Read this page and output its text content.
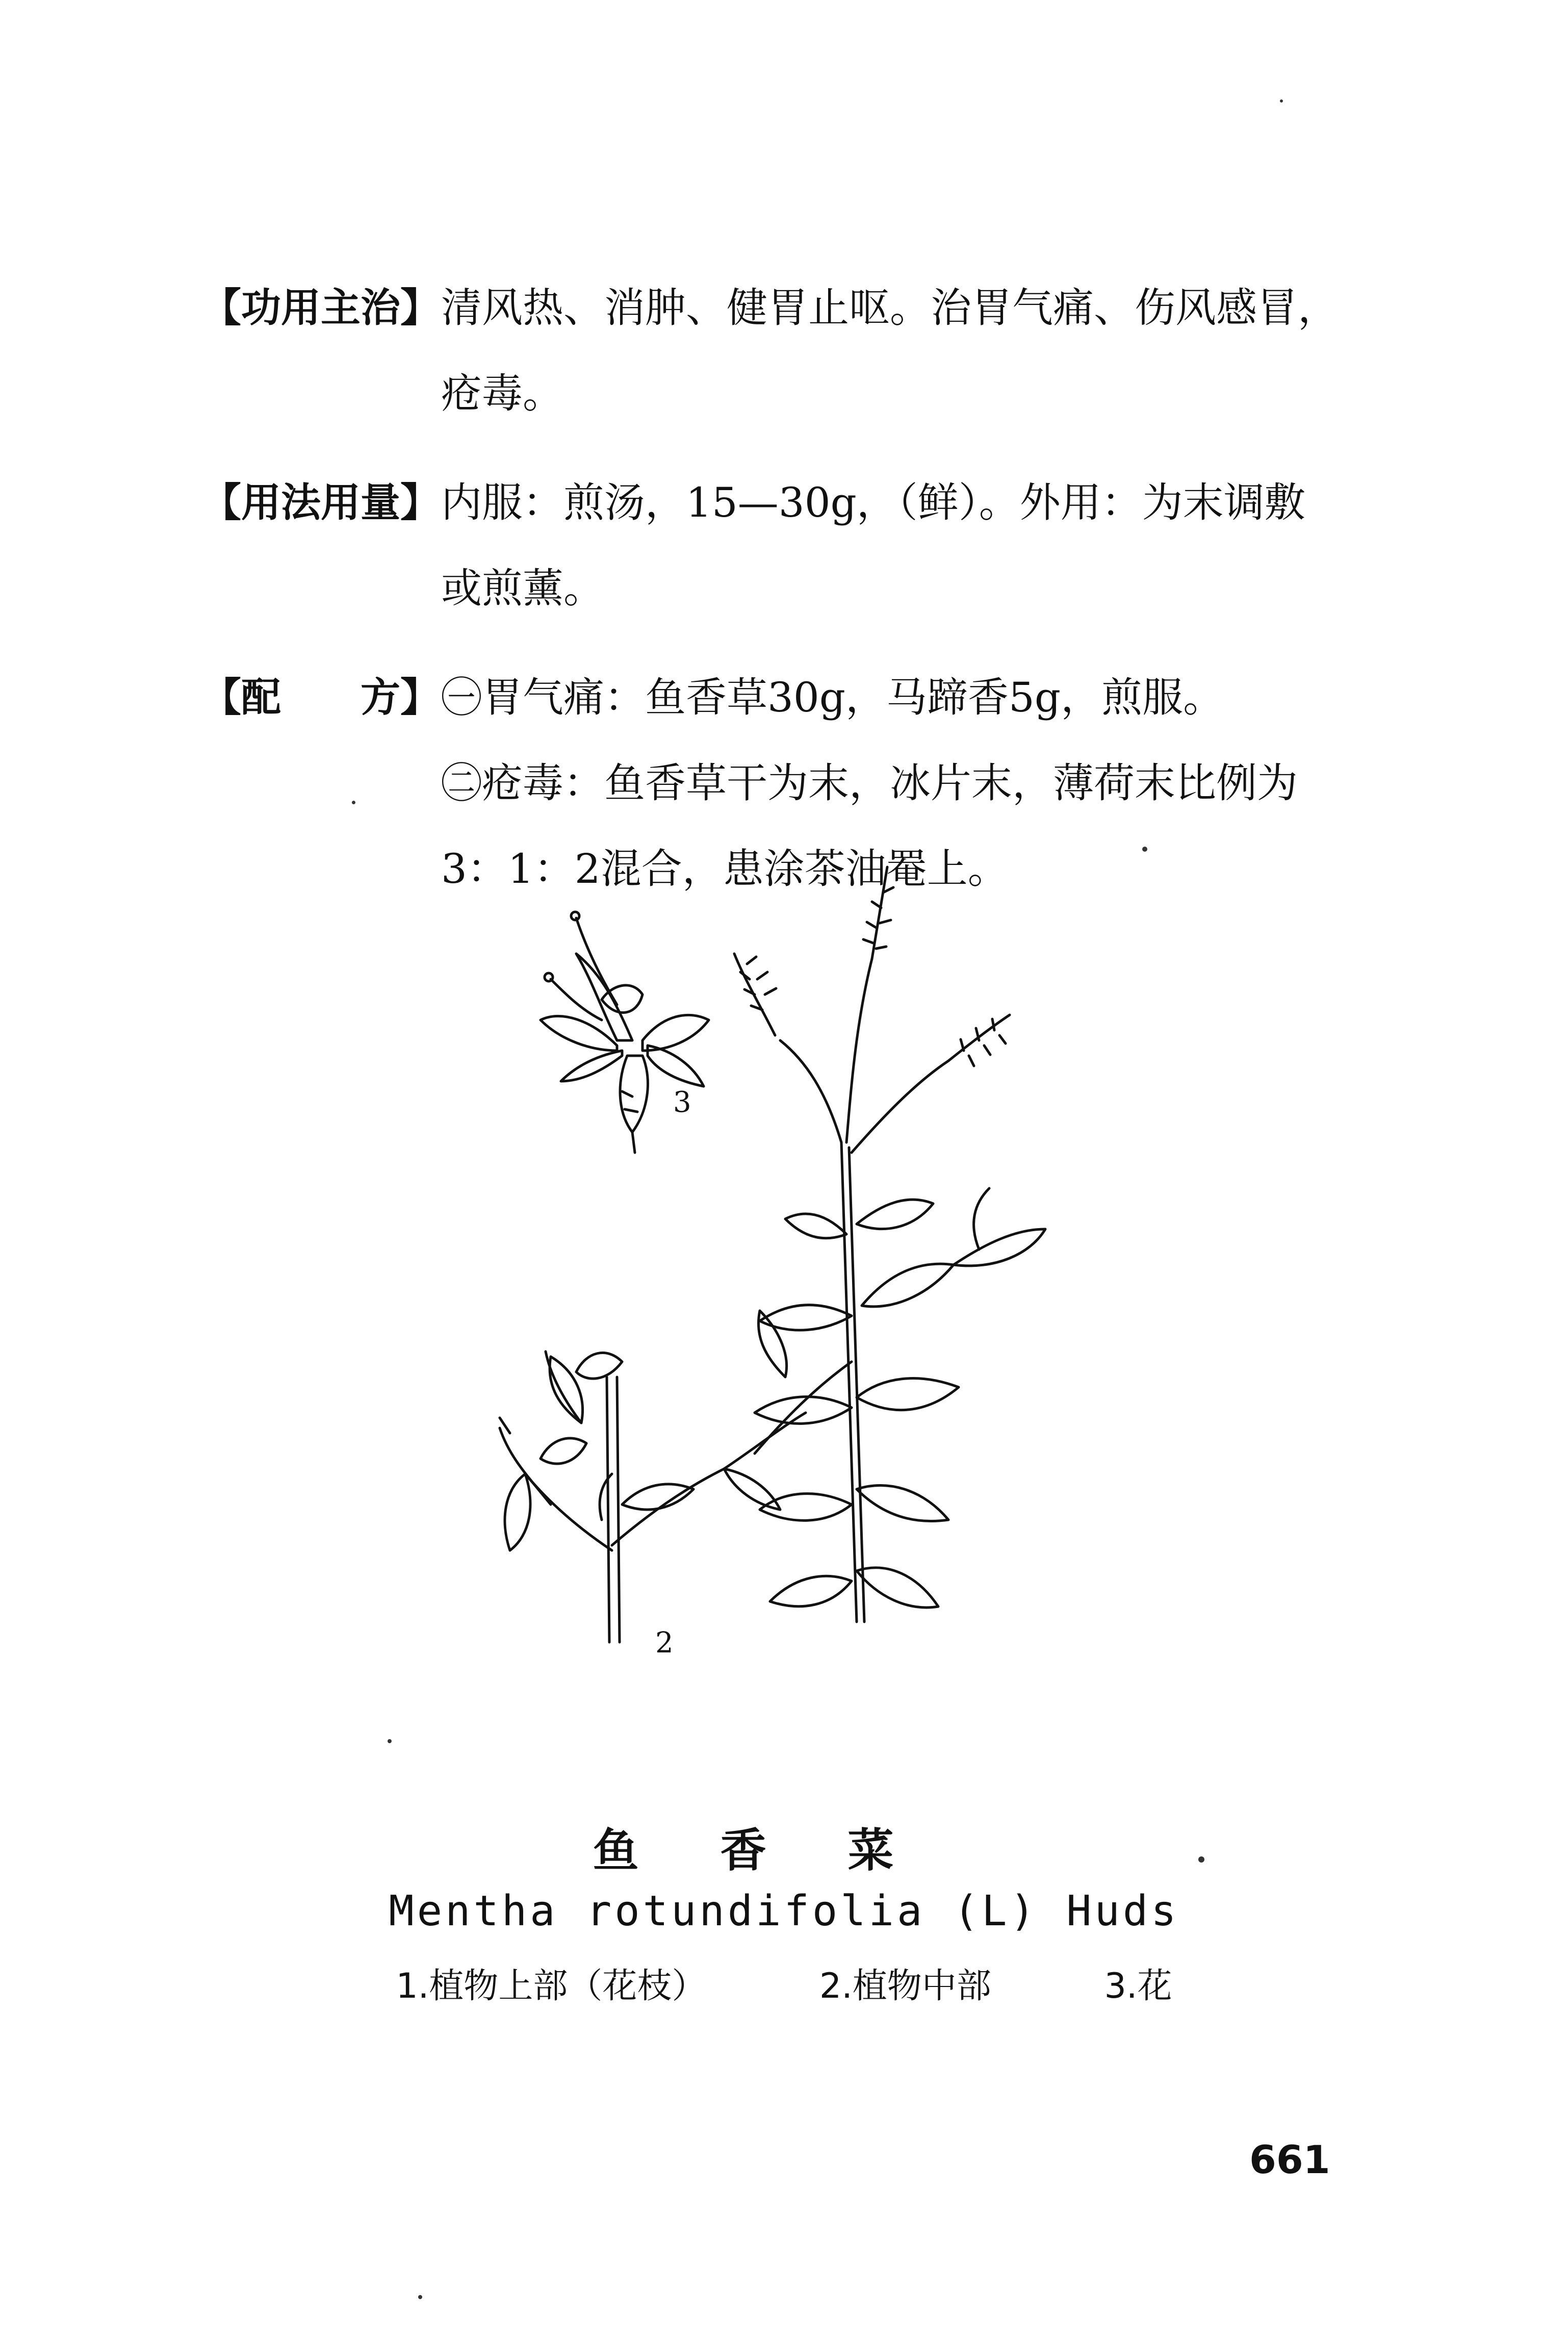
【功用主治】 清风热、消肿、健胃止呕。治胃气痛、伤风感冒，
疮毒。
【用法用量】 内服：煎汤，15—30g，（鲜）。外用：为末调敷
或煎薰。
【配　　方】 ㊀胃气痛：鱼香草30g，马蹄香5g，煎服。
㊁疮毒：鱼香草干为末，冰片末，薄荷末比例为
3：1：2混合，患涂茶油罨上。
3
2
鱼香菜
Mentha rotundifolia (L) Huds
1.植物上部（花枝）	2.植物中部	3.花
661
